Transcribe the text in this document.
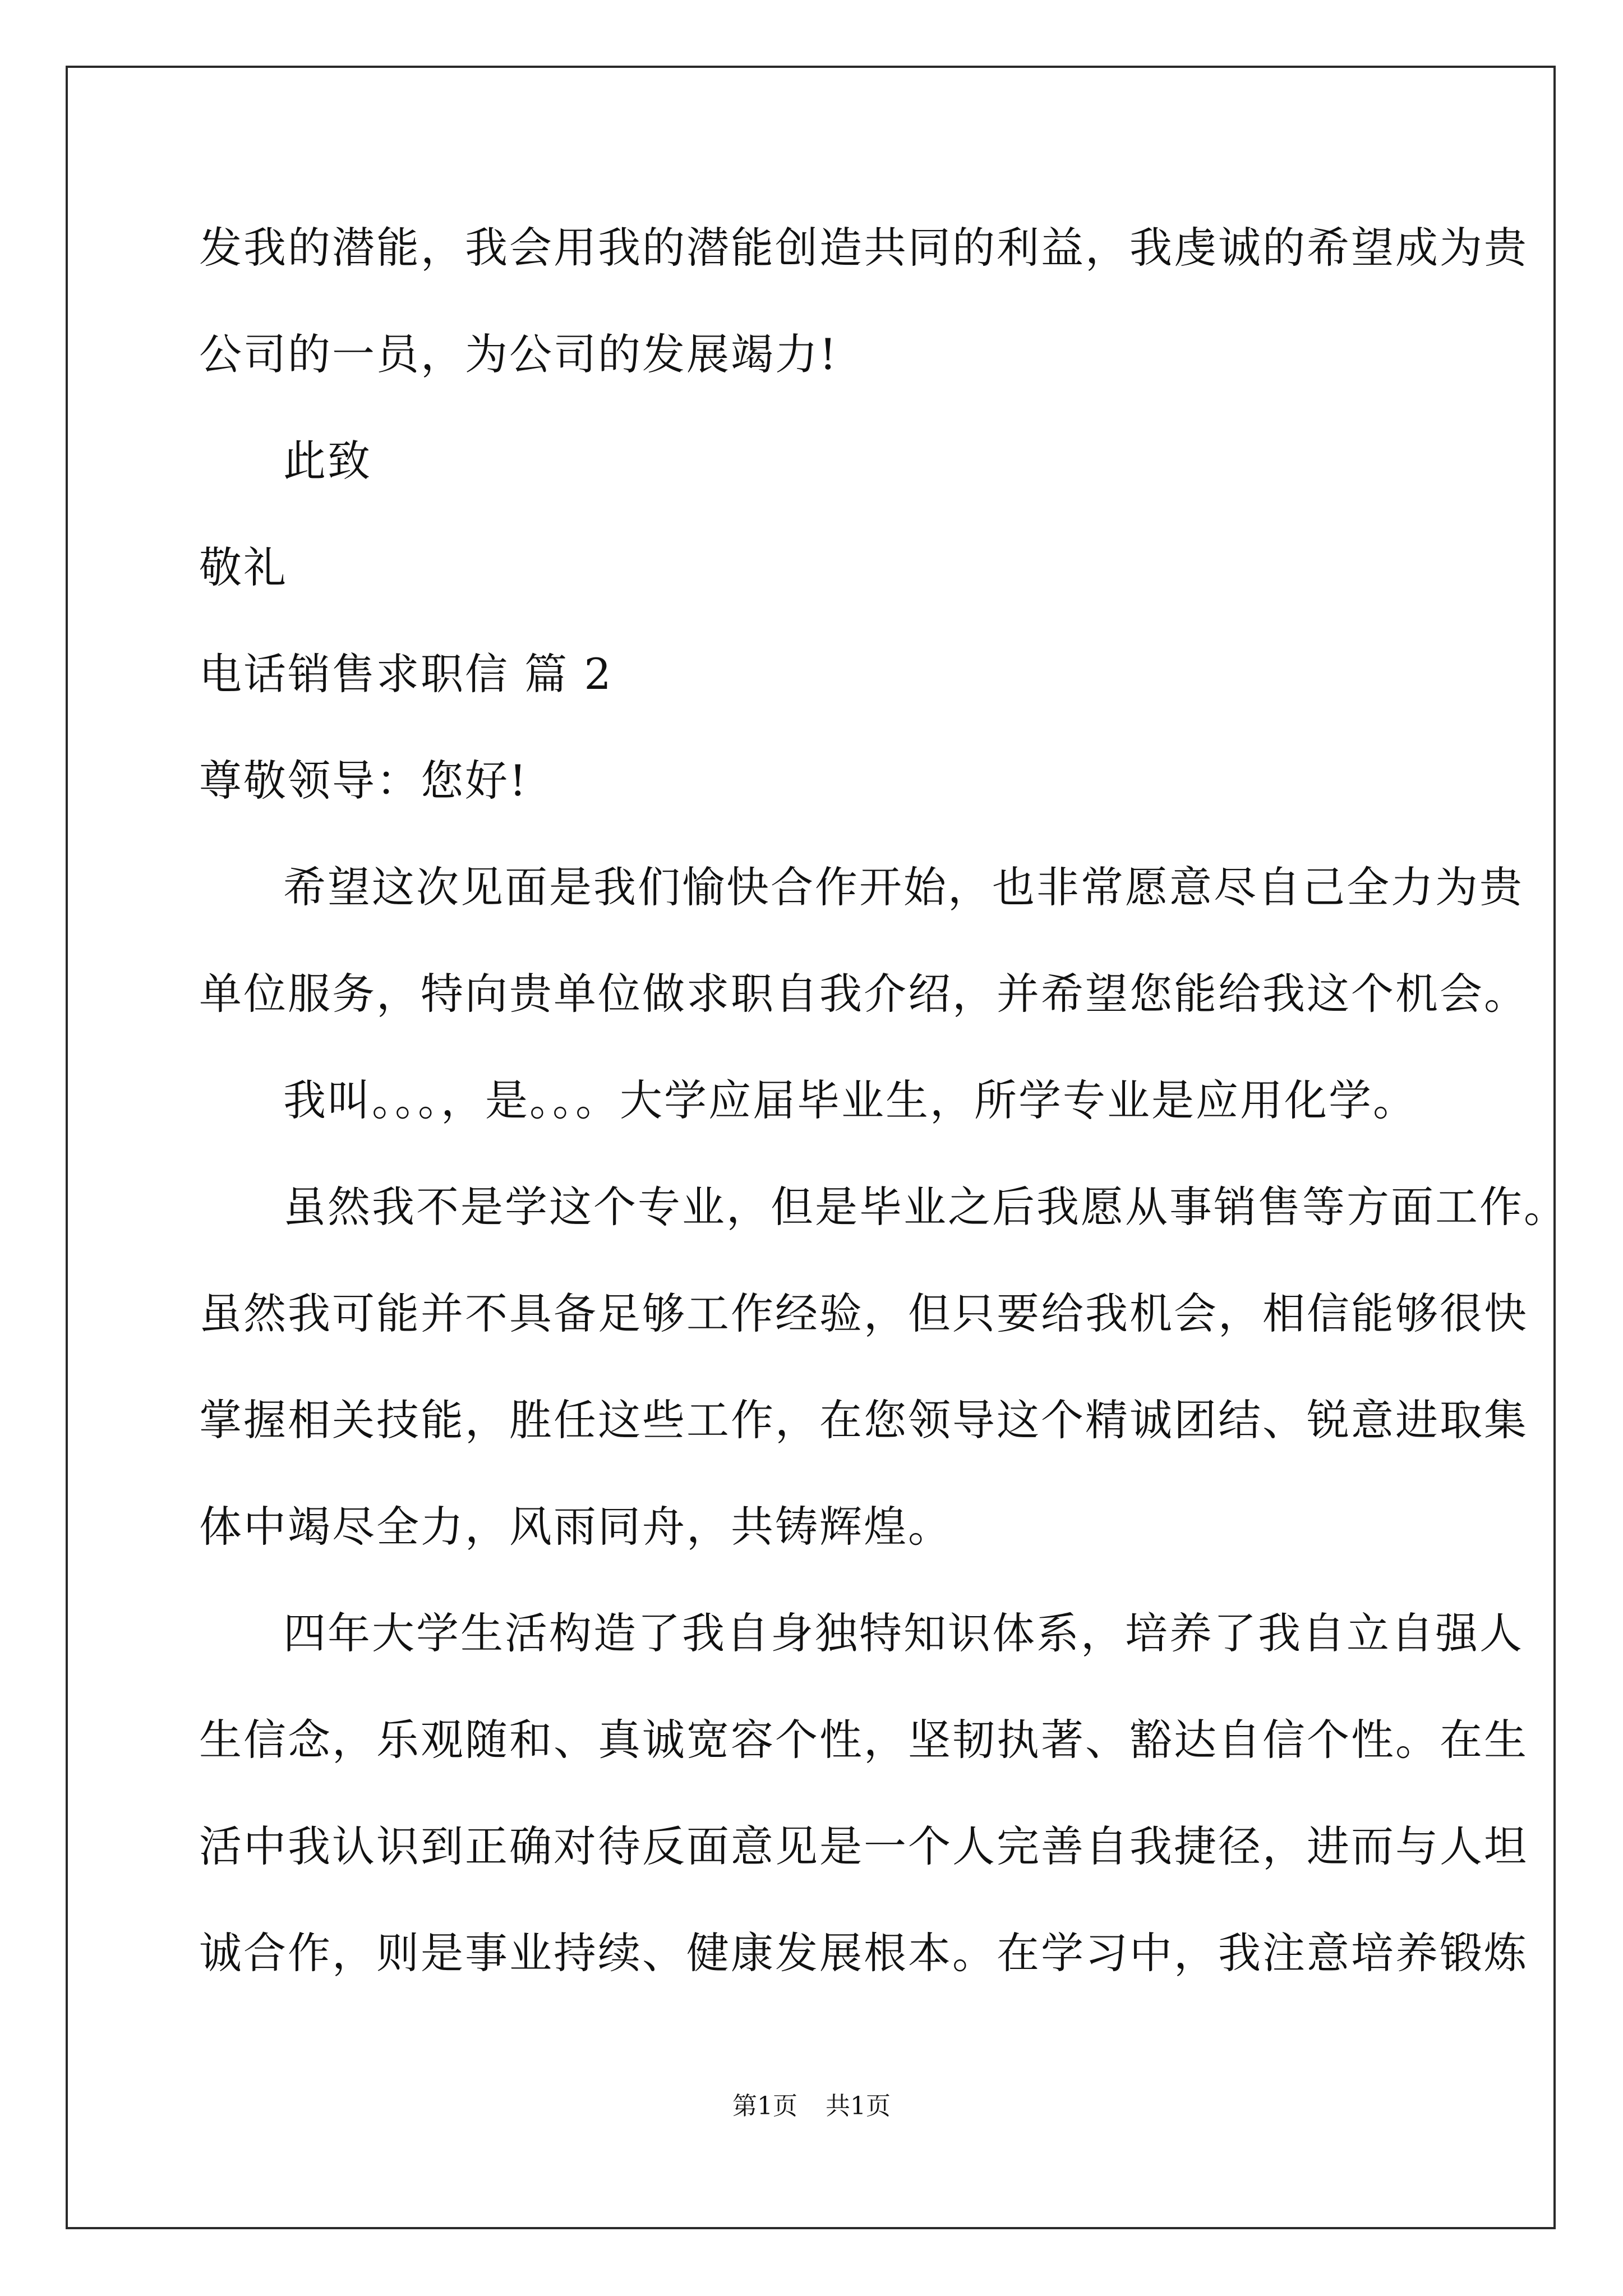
发我的潜能，我会用我的潜能创造共同的利益，我虔诚的希望成为贵
公司的一员，为公司的发展竭力!
此致
敬礼
电话销售求职信 篇 2
尊敬领导：您好!
希望这次见面是我们愉快合作开始，也非常愿意尽自己全力为贵
单位服务，特向贵单位做求职自我介绍，并希望您能给我这个机会。
我叫。。。，是。。。大学应届毕业生，所学专业是应用化学。
虽然我不是学这个专业，但是毕业之后我愿从事销售等方面工作。
虽然我可能并不具备足够工作经验，但只要给我机会，相信能够很快
掌握相关技能，胜任这些工作，在您领导这个精诚团结、锐意进取集
体中竭尽全力，风雨同舟，共铸辉煌。
四年大学生活构造了我自身独特知识体系，培养了我自立自强人
生信念，乐观随和、真诚宽容个性，坚韧执著、豁达自信个性。在生
活中我认识到正确对待反面意见是一个人完善自我捷径，进而与人坦
诚合作，则是事业持续、健康发展根本。在学习中，我注意培养锻炼
第1页 共1页
